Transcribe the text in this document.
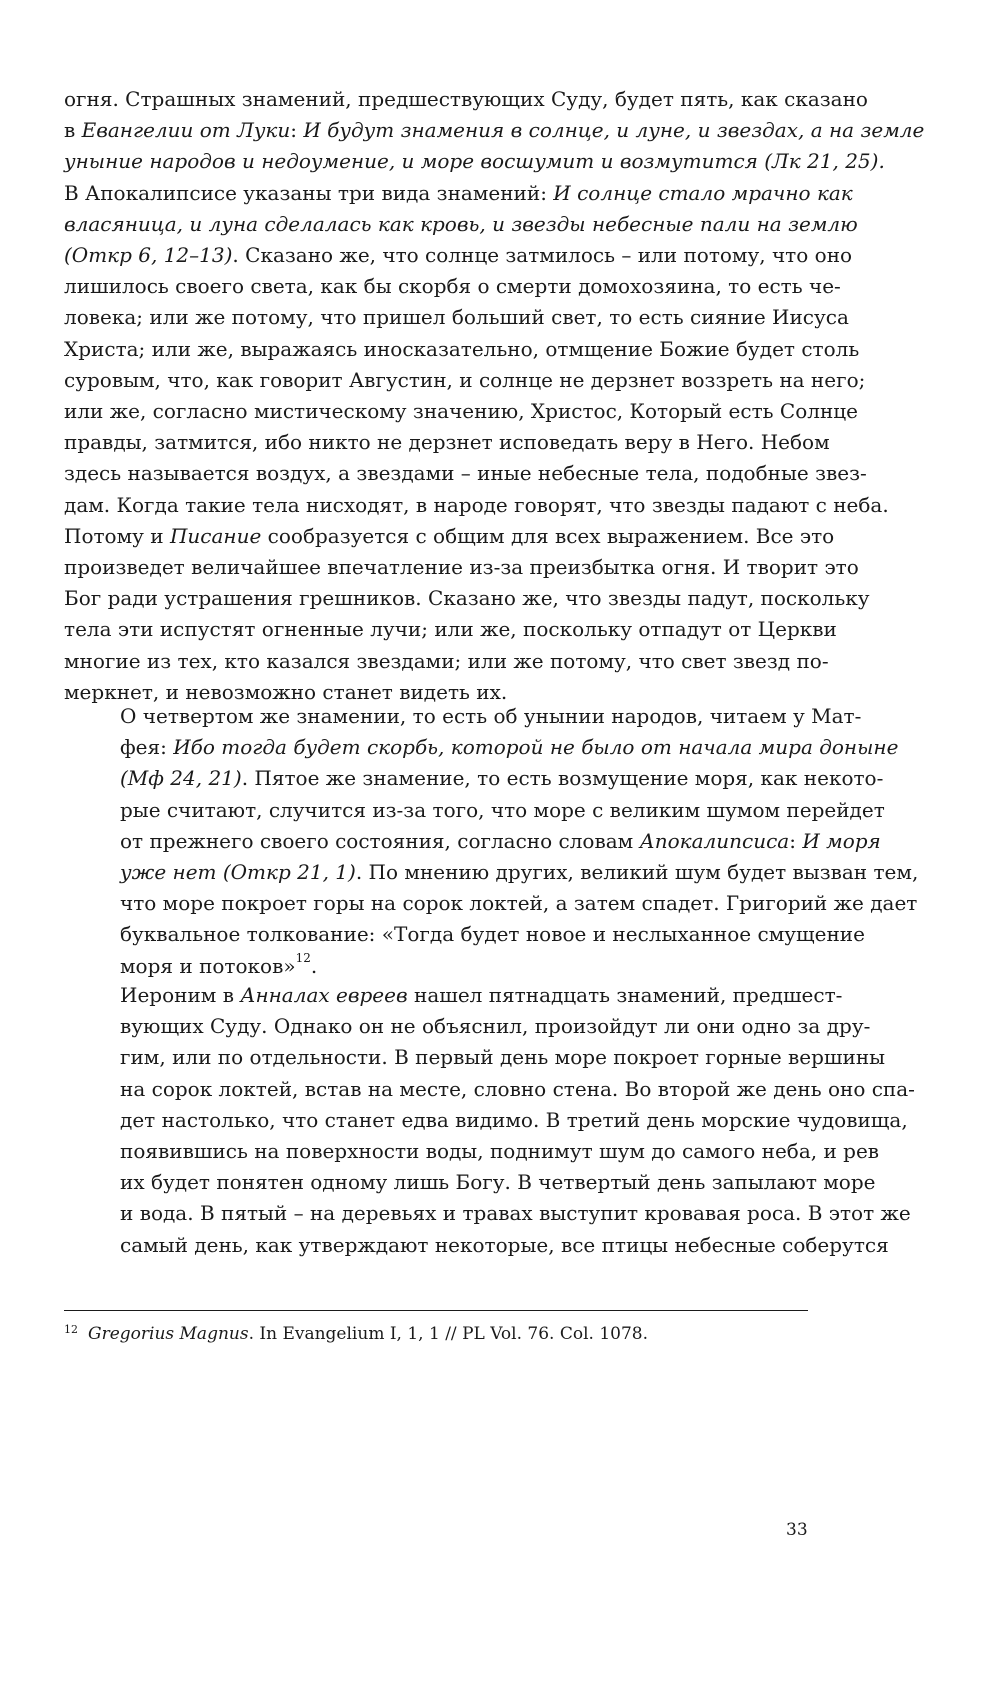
огня. Страшных знамений, предшествующих Суду, будет пять, как сказано
в Евангелии от Луки: И будут знамения в солнце, и луне, и звездах, а на земле
уныние народов и недоумение, и море восшумит и возмутится (Лк 21, 25).
В Апокалипсисе указаны три вида знамений: И солнце стало мрачно как
власяница, и луна сделалась как кровь, и звезды небесные пали на землю
(Откр 6, 12–13). Сказано же, что солнце затмилось – или потому, что оно
лишилось своего света, как бы скорбя о смерти домохозяина, то есть че-
ловека; или же потому, что пришел больший свет, то есть сияние Иисуса
Христа; или же, выражаясь иносказательно, отмщение Божие будет столь
суровым, что, как говорит Августин, и солнце не дерзнет воззреть на него;
или же, согласно мистическому значению, Христос, Который есть Солнце
правды, затмится, ибо никто не дерзнет исповедать веру в Него. Небом
здесь называется воздух, а звездами – иные небесные тела, подобные звез-
дам. Когда такие тела нисходят, в народе говорят, что звезды падают с неба.
Потому и Писание сообразуется с общим для всех выражением. Все это
произведет величайшее впечатление из-за преизбытка огня. И творит это
Бог ради устрашения грешников. Сказано же, что звезды падут, поскольку
тела эти испустят огненные лучи; или же, поскольку отпадут от Церкви
многие из тех, кто казался звездами; или же потому, что свет звезд по-
меркнет, и невозможно станет видеть их.

О четвертом же знамении, то есть об унынии народов, читаем у Мат-
фея: Ибо тогда будет скорбь, которой не было от начала мира доныне
(Мф 24, 21). Пятое же знамение, то есть возмущение моря, как некото-
рые считают, случится из-за того, что море с великим шумом перейдет
от прежнего своего состояния, согласно словам Апокалипсиса: И моря
уже нет (Откр 21, 1). По мнению других, великий шум будет вызван тем,
что море покроет горы на сорок локтей, а затем спадет. Григорий же дает
буквальное толкование: «Тогда будет новое и неслыханное смущение
моря и потоков»$^{12}$.

Иероним в Анналах евреев нашел пятнадцать знамений, предшест-
вующих Суду. Однако он не объяснил, произойдут ли они одно за дру-
гим, или по отдельности. В первый день море покроет горные вершины
на сорок локтей, встав на месте, словно стена. Во второй же день оно спа-
дет настолько, что станет едва видимо. В третий день морские чудовища,
появившись на поверхности воды, поднимут шум до самого неба, и рев
их будет понятен одному лишь Богу. В четвертый день запылают море
и вода. В пятый – на деревьях и травах выступит кровавая роса. В этот же
самый день, как утверждают некоторые, все птицы небесные соберутся

$^{12}$ Gregorius Magnus. In Evangelium I, 1, 1 // PL Vol. 76. Col. 1078.
33
